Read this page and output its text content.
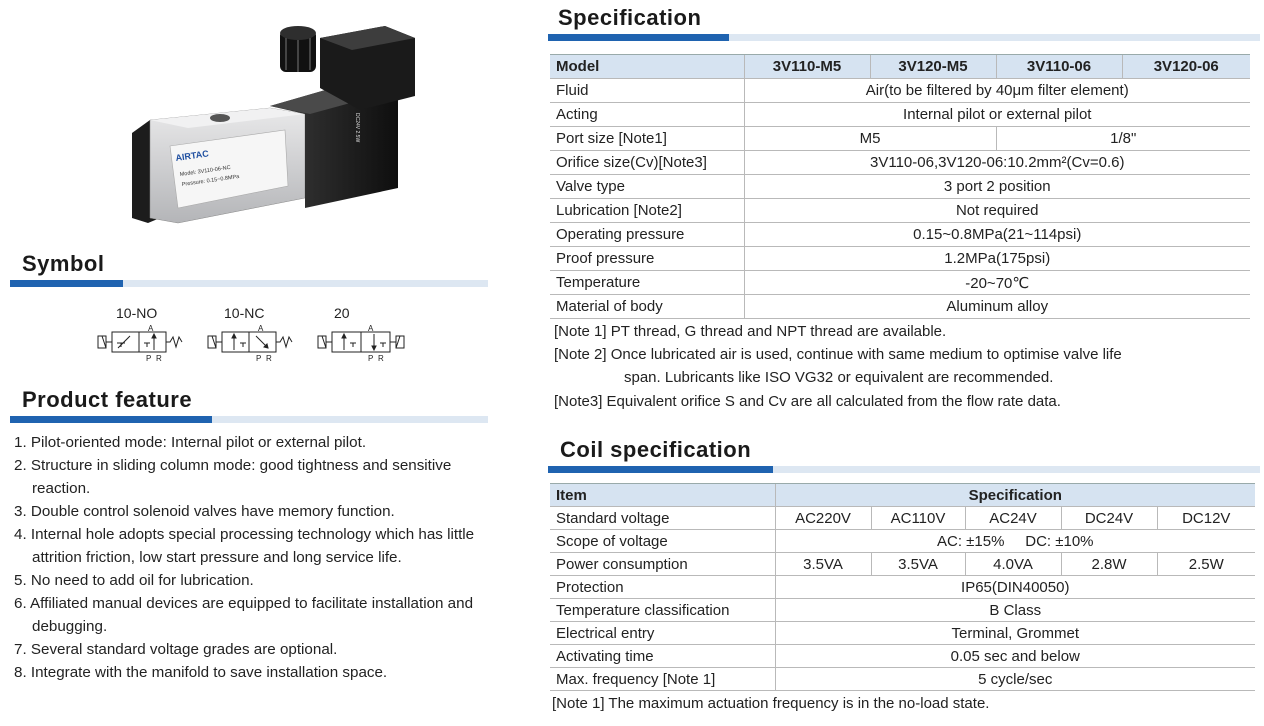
AIRTAC
Model: 3V110-06-NC
Pressure: 0.15~0.8MPa
DC24V 2.5W
Symbol
10-NO	10-NC	20
A
P R
A
P R
A
P R
Product feature
1. Pilot-oriented mode: Internal pilot or external pilot.
2. Structure in sliding column mode: good tightness and sensitive reaction.
3. Double control solenoid valves have memory function.
4. Internal hole adopts special processing technology which has little attrition friction, low start pressure and long service life.
5. No need to add oil for lubrication.
6. Affiliated manual devices are equipped to facilitate installation and debugging.
7. Several standard voltage grades are optional.
8. Integrate with the manifold to save installation space.
Specification
Model	3V110-M5	3V120-M5	3V110-06	3V120-06
Fluid	Air(to be filtered by 40μm filter element)			
Acting	Internal pilot or external pilot			
Port size [Note1]	M5		1/8"	
Orifice size(Cv)[Note3]	3V110-06,3V120-06:10.2mm²(Cv=0.6)			
Valve type	3 port 2 position			
Lubrication [Note2]	Not required			
Operating pressure	0.15~0.8MPa(21~114psi)			
Proof pressure	1.2MPa(175psi)			
Temperature	-20~70℃			
Material of body	Aluminum alloy			
[Note 1] PT thread, G thread and NPT thread are available.
[Note 2] Once lubricated air is used, continue with same medium to optimise valve life
span. Lubricants like ISO VG32 or equivalent are recommended.
[Note3] Equivalent orifice S and Cv are all calculated from the flow rate data.
Coil specification
Item	Specification				
Standard voltage	AC220V	AC110V	AC24V	DC24V	DC12V
Scope of voltage	AC: ±15%     DC: ±10%				
Power consumption	3.5VA	3.5VA	4.0VA	2.8W	2.5W
Protection	IP65(DIN40050)				
Temperature classification	B Class				
Electrical entry	Terminal, Grommet				
Activating time	0.05 sec and below				
Max. frequency [Note 1]	5 cycle/sec				
[Note 1] The maximum actuation frequency is in the no-load state.
